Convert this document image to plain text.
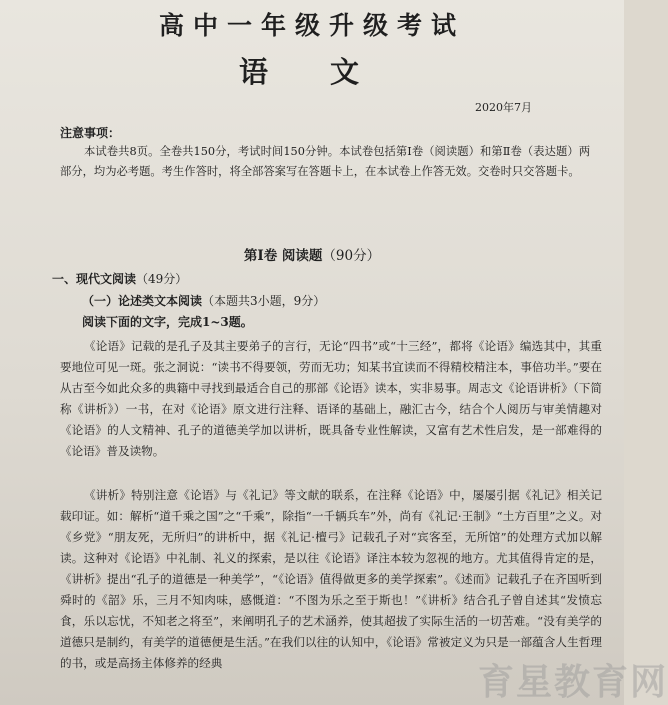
高中一年级升级考试
语 文
2020年7月
注意事项：
本试卷共8页。全卷共150分，考试时间150分钟。本试卷包括第Ⅰ卷（阅读题）和第Ⅱ卷（表达题）两部分，均为必考题。考生作答时，将全部答案写在答题卡上，在本试卷上作答无效。交卷时只交答题卡。
第Ⅰ卷 阅读题（90分）
一、现代文阅读（49分）
（一）论述类文本阅读（本题共3小题，9分）
阅读下面的文字，完成1~3题。
《论语》记载的是孔子及其主要弟子的言行，无论“四书”或“十三经”，都将《论语》编选其中，其重要地位可见一斑。张之洞说：“读书不得要领，劳而无功；知某书宜读而不得精校精注本，事倍功半。”要在从古至今如此众多的典籍中寻找到最适合自己的那部《论语》读本，实非易事。周志文《论语讲析》（下简称《讲析》）一书，在对《论语》原文进行注释、语译的基础上，融汇古今，结合个人阅历与审美情趣对《论语》的人文精神、孔子的道德美学加以讲析，既具备专业性解读，又富有艺术性启发，是一部难得的《论语》普及读物。
《讲析》特别注意《论语》与《礼记》等文献的联系，在注释《论语》中，屡屡引据《礼记》相关记载印证。如：解析“道千乘之国”之“千乘”，除指“一千辆兵车”外，尚有《礼记·王制》“土方百里”之义。对《乡党》“朋友死，无所归”的讲析中，据《礼记·檀弓》记载孔子对“宾客至，无所馆”的处理方式加以解读。这种对《论语》中礼制、礼义的探索，是以往《论语》译注本较为忽视的地方。尤其值得肯定的是，《讲析》提出“孔子的道德是一种美学”，“《论语》值得做更多的美学探索”。《述而》记载孔子在齐国听到舜时的《韶》乐，三月不知肉味，感慨道：“不图为乐之至于斯也！”《讲析》结合孔子曾自述其“发愤忘食，乐以忘忧，不知老之将至”，来阐明孔子的艺术涵养，使其超拔了实际生活的一切苦难。“没有美学的道德只是制约，有美学的道德便是生活。”在我们以往的认知中，《论语》常被定义为只是一部蕴含人生哲理的书，或是高扬主体修养的经典	育星教育网
